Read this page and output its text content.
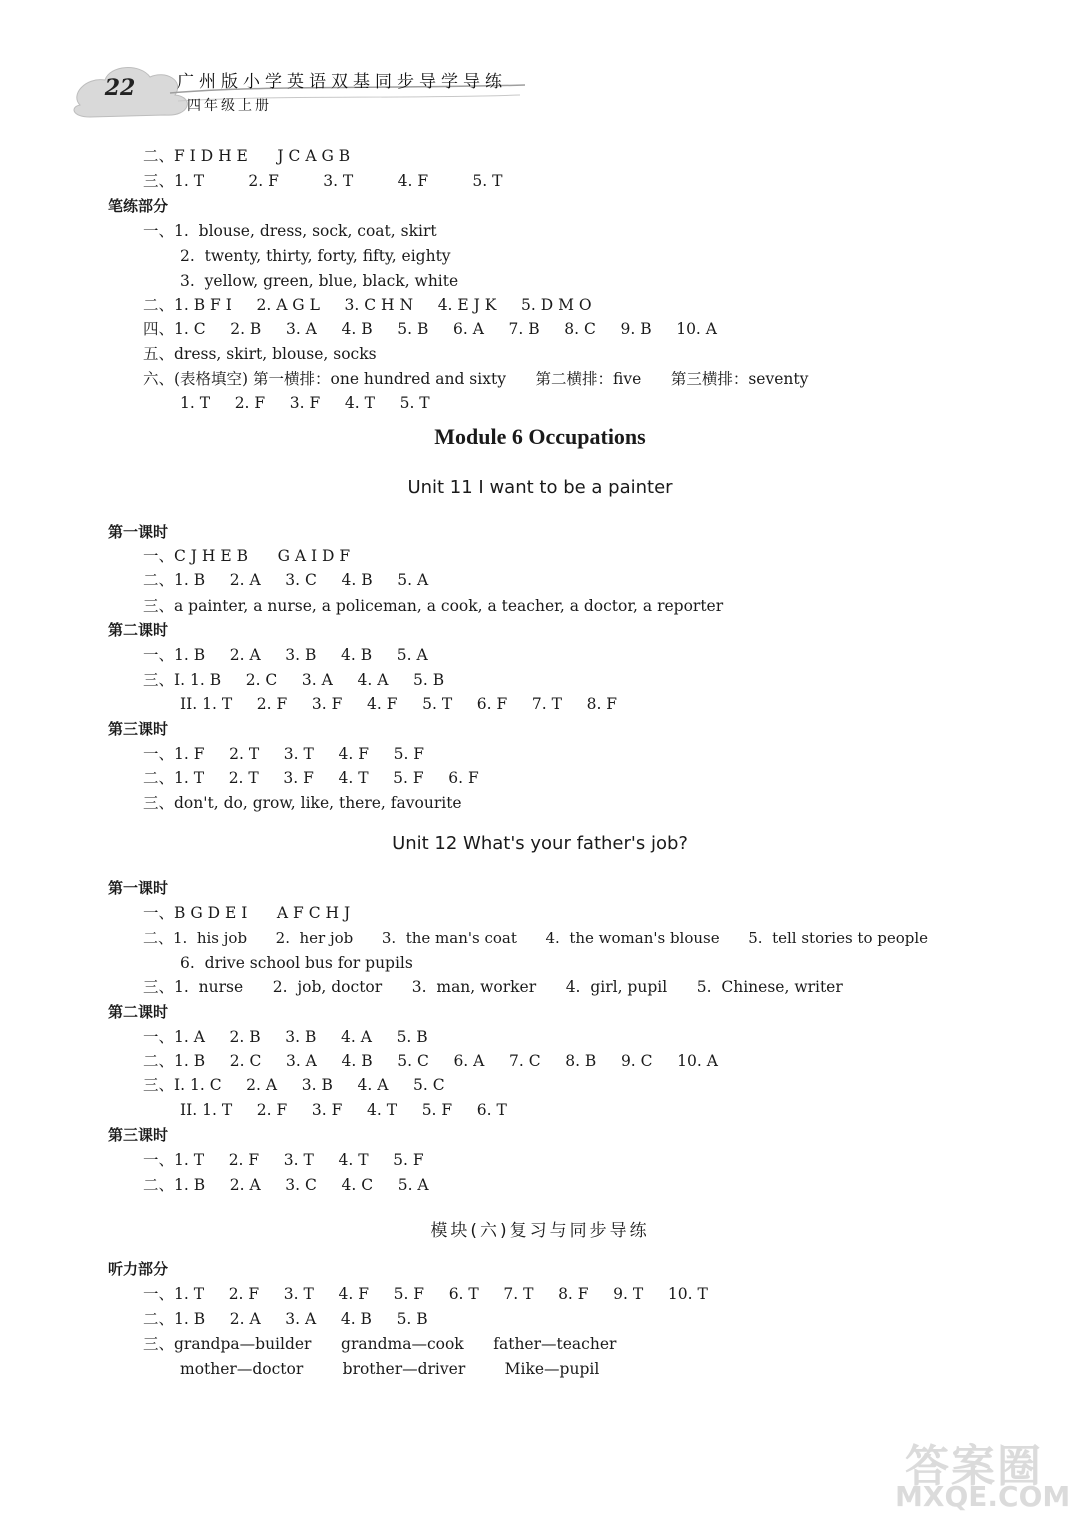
22	广州版小学英语双基同步导学导练
四年级上册
二、F I D H E      J C A G B
三、1. T         2. F         3. T         4. F         5. T
笔练部分
一、1.  blouse, dress, sock, coat, skirt
2.  twenty, thirty, forty, fifty, eighty
3.  yellow, green, blue, black, white
二、1. B F I     2. A G L     3. C H N     4. E J K     5. D M O
四、1. C     2. B     3. A     4. B     5. B     6. A     7. B     8. C     9. B     10. A
五、dress, skirt, blouse, socks
六、(表格填空) 第一横排：one hundred and sixty      第二横排：five      第三横排：seventy
1. T     2. F     3. F     4. T     5. T
Module 6 Occupations
Unit 11 I want to be a painter
第一课时
一、C J H E B      G A I D F
二、1. B     2. A     3. C     4. B     5. A
三、a painter, a nurse, a policeman, a cook, a teacher, a doctor, a reporter
第二课时
一、1. B     2. A     3. B     4. B     5. A
三、I. 1. B     2. C     3. A     4. A     5. B
II. 1. T     2. F     3. F     4. F     5. T     6. F     7. T     8. F
第三课时
一、1. F     2. T     3. T     4. F     5. F
二、1. T     2. T     3. F     4. T     5. F     6. F
三、don't, do, grow, like, there, favourite
Unit 12 What's your father's job?
第一课时
一、B G D E I      A F C H J
二、1.  his job      2.  her job      3.  the man's coat      4.  the woman's blouse      5.  tell stories to people
6.  drive school bus for pupils
三、1.  nurse      2.  job, doctor      3.  man, worker      4.  girl, pupil      5.  Chinese, writer
第二课时
一、1. A     2. B     3. B     4. A     5. B
二、1. B     2. C     3. A     4. B     5. C     6. A     7. C     8. B     9. C     10. A
三、I. 1. C     2. A     3. B     4. A     5. C
II. 1. T     2. F     3. F     4. T     5. F     6. T
第三课时
一、1. T     2. F     3. T     4. T     5. F
二、1. B     2. A     3. C     4. C     5. A
模块(六)复习与同步导练
听力部分
一、1. T     2. F     3. T     4. F     5. F     6. T     7. T     8. F     9. T     10. T
二、1. B     2. A     3. A     4. B     5. B
三、grandpa—builder      grandma—cook      father—teacher
mother—doctor        brother—driver        Mike—pupil
答案圈
MXQE.COM
